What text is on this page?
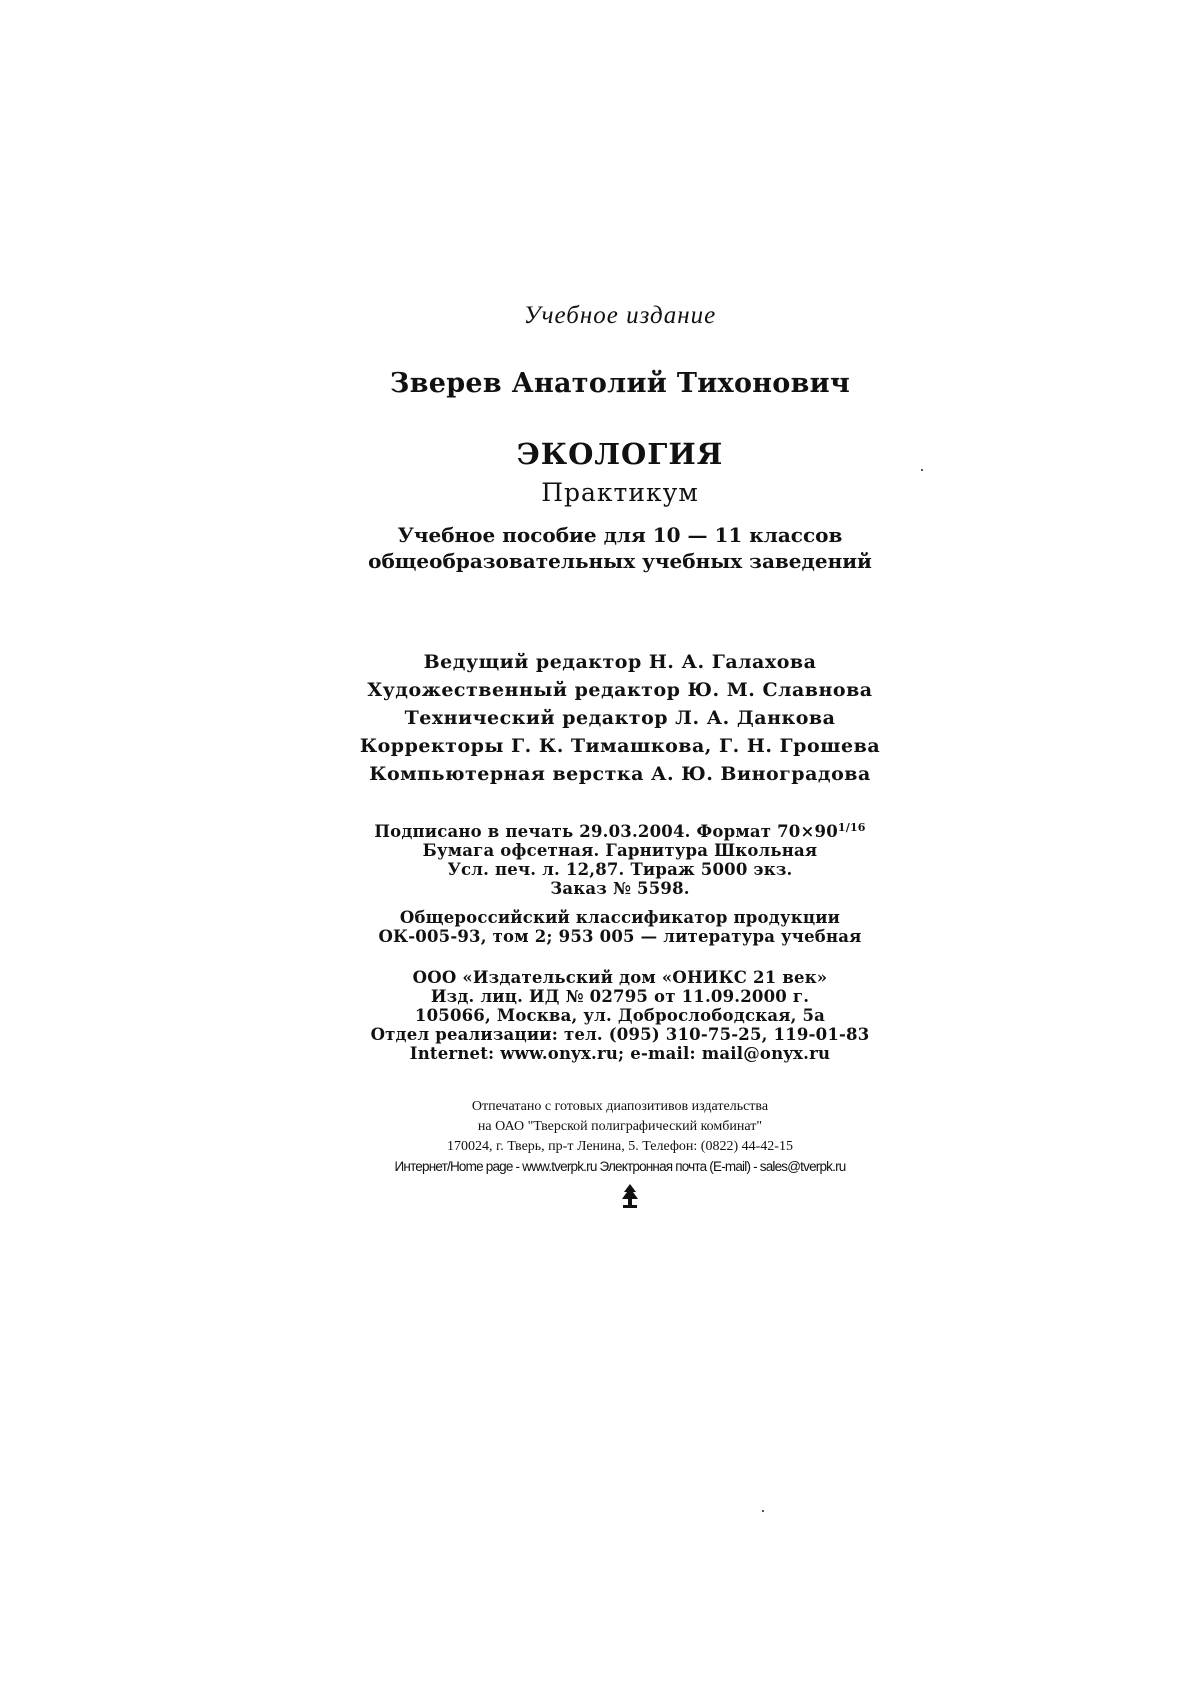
Учебное издание
Зверев Анатолий Тихонович
ЭКОЛОГИЯ
Практикум
Учебное пособие для 10 — 11 классов
общеобразовательных учебных заведений
Ведущий редактор Н. А. Галахова
Художественный редактор Ю. М. Славнова
Технический редактор Л. А. Данкова
Корректоры Г. К. Тимашкова, Г. Н. Грошева
Компьютерная верстка А. Ю. Виноградова
Подписано в печать 29.03.2004. Формат $70\times 90^{1/16}$
Бумага офсетная. Гарнитура Школьная
Усл. печ. л. 12,87. Тираж 5000 экз.
Заказ № 5598.
Общероссийский классификатор продукции
ОК-005-93, том 2; 953 005 — литература учебная
ООО «Издательский дом «ОНИКС 21 век»
Изд. лиц. ИД № 02795 от 11.09.2000 г.
105066, Москва, ул. Доброслободская, 5а
Отдел реализации: тел. (095) 310-75-25, 119-01-83
Internet: www.onyx.ru; e-mail: mail@onyx.ru
Отпечатано с готовых диапозитивов издательства
на ОАО "Тверской полиграфический комбинат"
170024, г. Тверь, пр-т Ленина, 5. Телефон: (0822) 44-42-15
Интернет/Home page - www.tverpk.ru Электронная почта (E-mail) - sales@tverpk.ru
